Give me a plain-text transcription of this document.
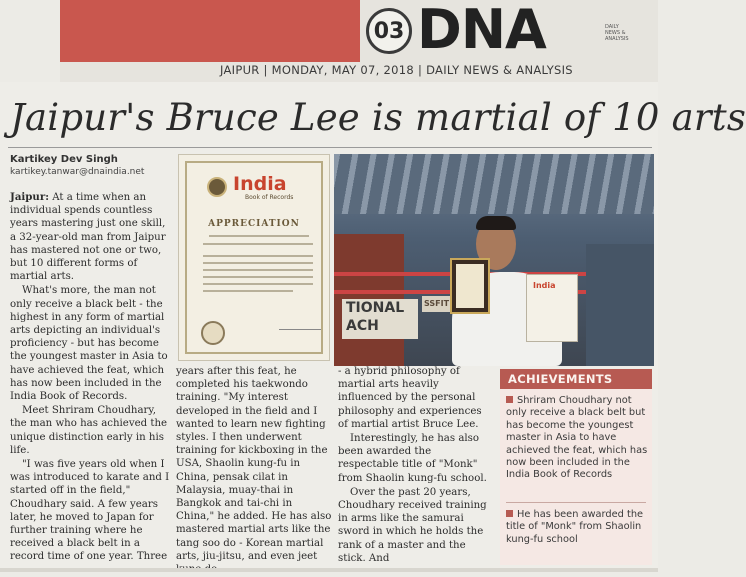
03 DNA	DAILY NEWS & ANALYSIS
JAIPUR | MONDAY, MAY 07, 2018 | DAILY NEWS & ANALYSIS
Jaipur's Bruce Lee is martial of 10 arts
Kartikey Dev Singh
kartikey.tanwar@dnaindia.net

Jaipur: At a time when an individual spends countless years mastering just one skill, a 32-year-old man from Jaipur has mastered not one or two, but 10 different forms of martial arts.

What's more, the man not only receive a black belt - the highest in any form of martial arts depicting an individual's proficiency - but has become the youngest master in Asia to have achieved the feat, which has now been included in the India Book of Records.

Meet Shriram Choudhary, the man who has achieved the unique distinction early in his life.

"I was five years old when I was introduced to karate and I started off in the field," Choudhary said. A few years later, he moved to Japan for further training where he received a black belt in a record time of one year. Three

India
Book of Records
APPRECIATION
TIONAL
ACH
SSFIT
India

years after this feat, he completed his taekwondo training. "My interest developed in the field and I wanted to learn new fighting styles. I then underwent training for kickboxing in the USA, Shaolin kung-fu in China, pensak cilat in Malaysia, muay-thai in Bangkok and tai-chi in China," he added. He has also mastered martial arts like the tang soo do - Korean martial arts, jiu-jitsu, and even jeet

- a hybrid philosophy of martial arts heavily influenced by the personal philosophy and experiences of martial artist Bruce Lee.

Interestingly, he has also been awarded the respectable title of "Monk" from Shaolin kung-fu school.

Over the past 20 years, Choudhary received training in arms like the samurai sword in which he holds the rank of a master and the stick. And

ACHIEVEMENTS
Shriram Choudhary not only receive a black belt but has become the youngest master in Asia to have achieved the feat, which has now been included in the India Book of Records
He has been awarded the title of "Monk" from Shaolin kung-fu school
